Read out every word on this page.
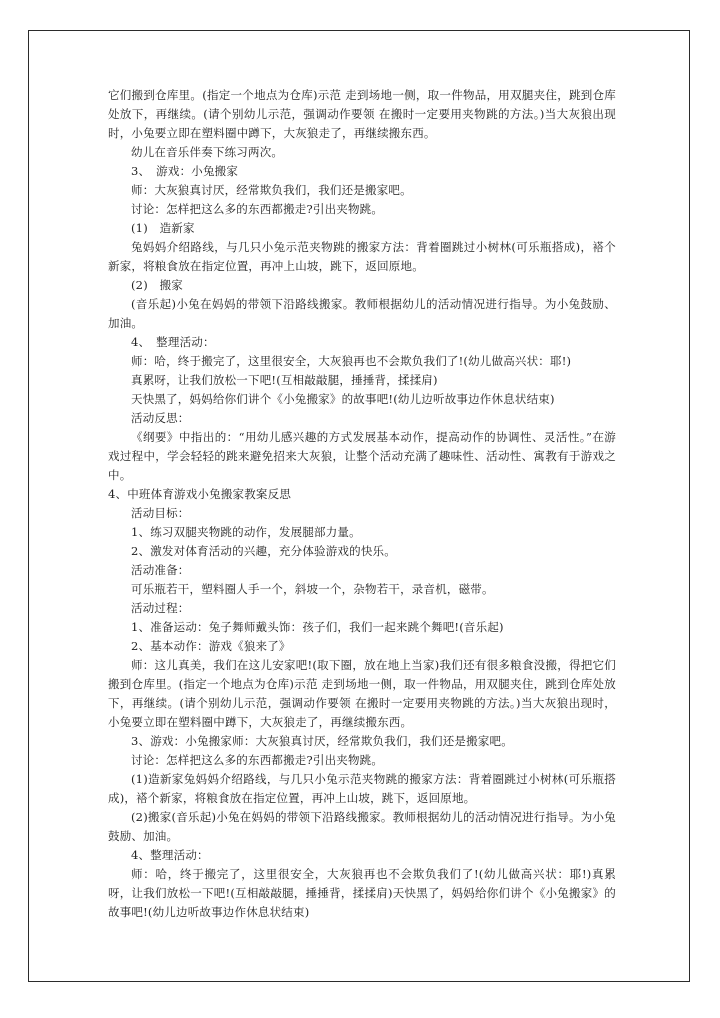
它们搬到仓库里。(指定一个地点为仓库)示范 走到场地一侧，取一件物品，用双腿夹住，跳到仓库处放下，再继续。(请个别幼儿示范，强调动作要领 在搬时一定要用夹物跳的方法。)当大灰狼出现时，小兔要立即在塑料圈中蹲下，大灰狼走了，再继续搬东西。

幼儿在音乐伴奏下练习两次。

3、　游戏：小兔搬家

师：大灰狼真讨厌，经常欺负我们，我们还是搬家吧。

讨论：怎样把这么多的东西都搬走?引出夹物跳。

(1)　造新家

兔妈妈介绍路线，与几只小兔示范夹物跳的搬家方法：背着圈跳过小树林(可乐瓶搭成)，褡个新家，将粮食放在指定位置，再冲上山坡，跳下，返回原地。

(2)　搬家

(音乐起)小兔在妈妈的带领下沿路线搬家。教师根据幼儿的活动情况进行指导。为小兔鼓励、加油。

4、　整理活动：

师：哈，终于搬完了，这里很安全，大灰狼再也不会欺负我们了!(幼儿做高兴状：耶!)

真累呀，让我们放松一下吧!(互相敲敲腿，捶捶背，揉揉肩)

天快黑了，妈妈给你们讲个《小兔搬家》的故事吧!(幼儿边听故事边作休息状结束)

活动反思：

《纲要》中指出的：“用幼儿感兴趣的方式发展基本动作，提高动作的协调性、灵活性。”在游戏过程中，学会轻轻的跳来避免招来大灰狼，让整个活动充满了趣味性、活动性、寓教有于游戏之中。

4、中班体育游戏小兔搬家教案反思

活动目标：

1、练习双腿夹物跳的动作，发展腿部力量。

2、激发对体育活动的兴趣，充分体验游戏的快乐。

活动准备：

可乐瓶若干，塑料圈人手一个，斜坡一个，杂物若干，录音机，磁带。

活动过程：

1、准备运动：兔子舞师戴头饰：孩子们，我们一起来跳个舞吧!(音乐起)

2、基本动作：游戏《狼来了》

师：这儿真美，我们在这儿安家吧!(取下圈，放在地上当家)我们还有很多粮食没搬，得把它们搬到仓库里。(指定一个地点为仓库)示范 走到场地一侧，取一件物品，用双腿夹住，跳到仓库处放下，再继续。(请个别幼儿示范，强调动作要领 在搬时一定要用夹物跳的方法。)当大灰狼出现时，小兔要立即在塑料圈中蹲下，大灰狼走了，再继续搬东西。

3、游戏：小兔搬家师：大灰狼真讨厌，经常欺负我们，我们还是搬家吧。

讨论：怎样把这么多的东西都搬走?引出夹物跳。

(1)造新家兔妈妈介绍路线，与几只小兔示范夹物跳的搬家方法：背着圈跳过小树林(可乐瓶搭成)，褡个新家，将粮食放在指定位置，再冲上山坡，跳下，返回原地。

(2)搬家(音乐起)小兔在妈妈的带领下沿路线搬家。教师根据幼儿的活动情况进行指导。为小兔鼓励、加油。

4、整理活动：

师：哈，终于搬完了，这里很安全，大灰狼再也不会欺负我们了!(幼儿做高兴状：耶!)真累呀，让我们放松一下吧!(互相敲敲腿，捶捶背，揉揉肩)天快黑了，妈妈给你们讲个《小兔搬家》的故事吧!(幼儿边听故事边作休息状结束)
